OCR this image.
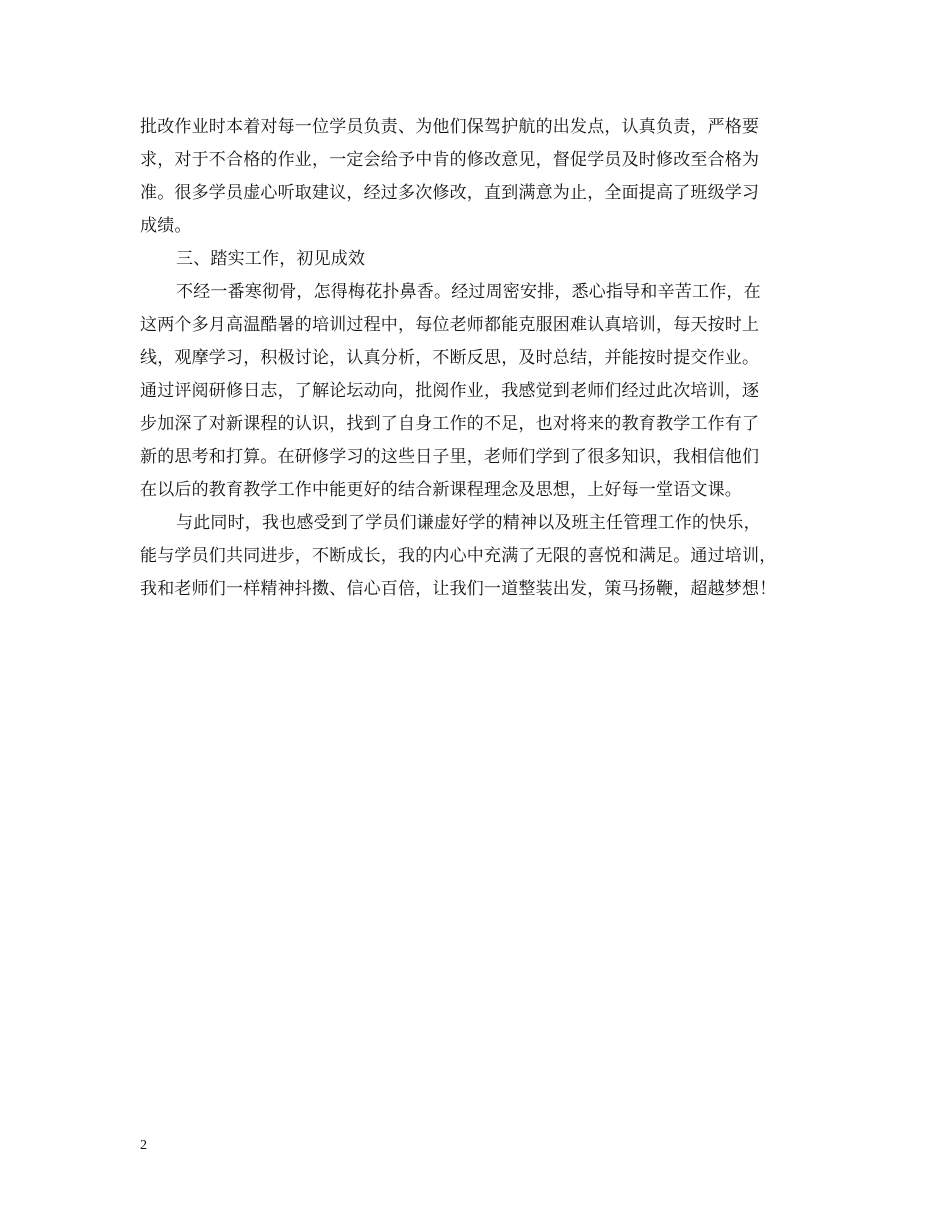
批改作业时本着对每一位学员负责、为他们保驾护航的出发点，认真负责，严格要
求，对于不合格的作业，一定会给予中肯的修改意见，督促学员及时修改至合格为
准。很多学员虚心听取建议，经过多次修改，直到满意为止，全面提高了班级学习
成绩。

三、踏实工作，初见成效

不经一番寒彻骨，怎得梅花扑鼻香。经过周密安排，悉心指导和辛苦工作，在
这两个多月高温酷暑的培训过程中，每位老师都能克服困难认真培训，每天按时上
线，观摩学习，积极讨论，认真分析，不断反思，及时总结，并能按时提交作业。
通过评阅研修日志，了解论坛动向，批阅作业，我感觉到老师们经过此次培训，逐
步加深了对新课程的认识，找到了自身工作的不足，也对将来的教育教学工作有了
新的思考和打算。在研修学习的这些日子里，老师们学到了很多知识，我相信他们
在以后的教育教学工作中能更好的结合新课程理念及思想，上好每一堂语文课。

与此同时，我也感受到了学员们谦虚好学的精神以及班主任管理工作的快乐，
能与学员们共同进步，不断成长，我的内心中充满了无限的喜悦和满足。通过培训，
我和老师们一样精神抖擞、信心百倍，让我们一道整装出发，策马扬鞭，超越梦想！

2
